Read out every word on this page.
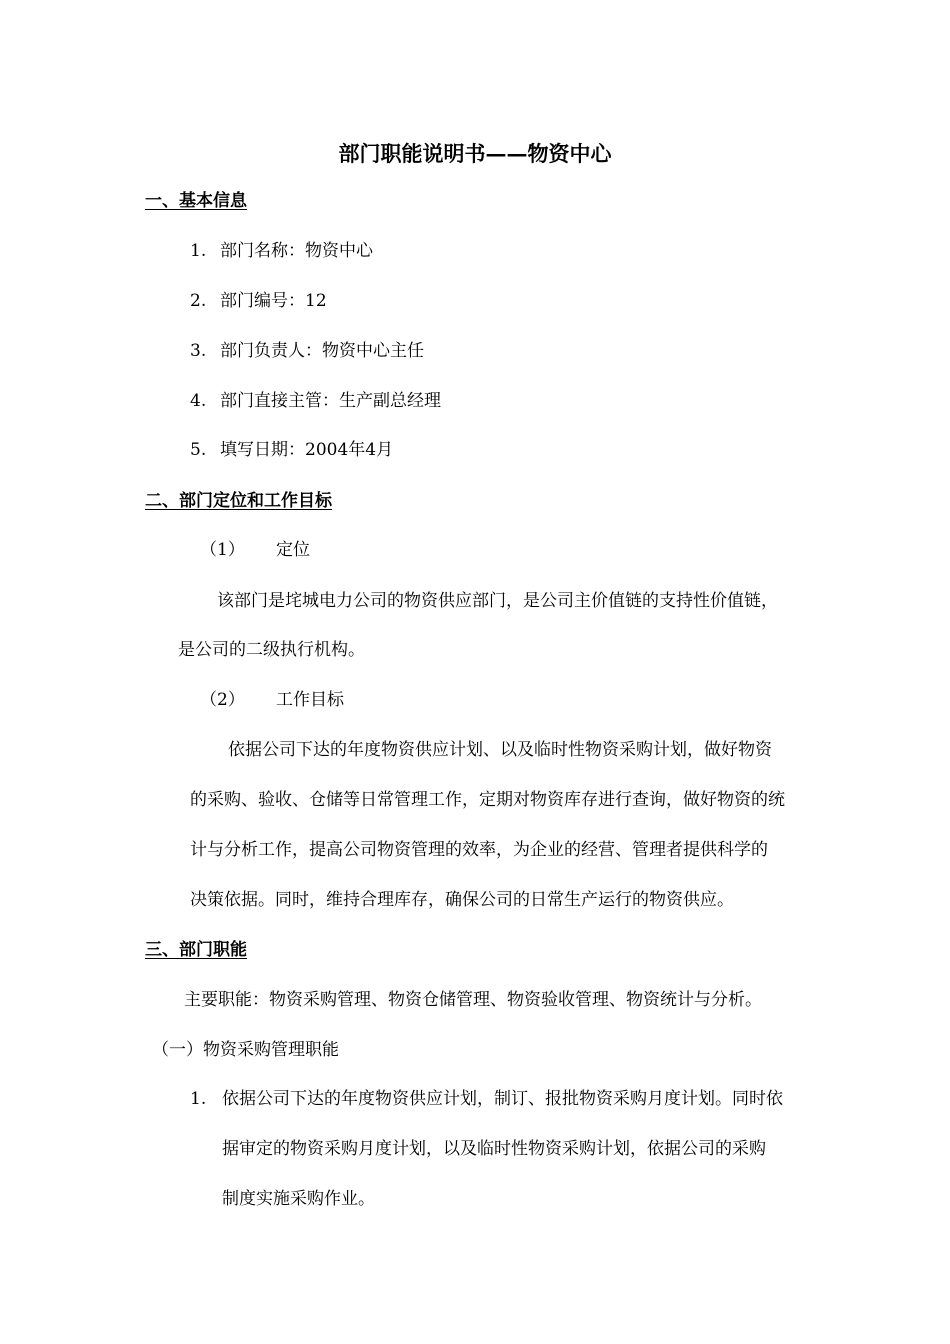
部门职能说明书——物资中心
一、基本信息
1. 部门名称：物资中心
2. 部门编号：12
3. 部门负责人：物资中心主任
4. 部门直接主管：生产副总经理
5. 填写日期：2004年4月
二、部门定位和工作目标
（1） 定位
该部门是垞城电力公司的物资供应部门，是公司主价值链的支持性价值链，
是公司的二级执行机构。
（2） 工作目标
依据公司下达的年度物资供应计划、以及临时性物资采购计划，做好物资
的采购、验收、仓储等日常管理工作，定期对物资库存进行查询，做好物资的统
计与分析工作，提高公司物资管理的效率，为企业的经营、管理者提供科学的
决策依据。同时，维持合理库存，确保公司的日常生产运行的物资供应。
三、部门职能
主要职能：物资采购管理、物资仓储管理、物资验收管理、物资统计与分析。
（一）物资采购管理职能
1. 依据公司下达的年度物资供应计划，制订、报批物资采购月度计划。同时依
据审定的物资采购月度计划，以及临时性物资采购计划，依据公司的采购
制度实施采购作业。
